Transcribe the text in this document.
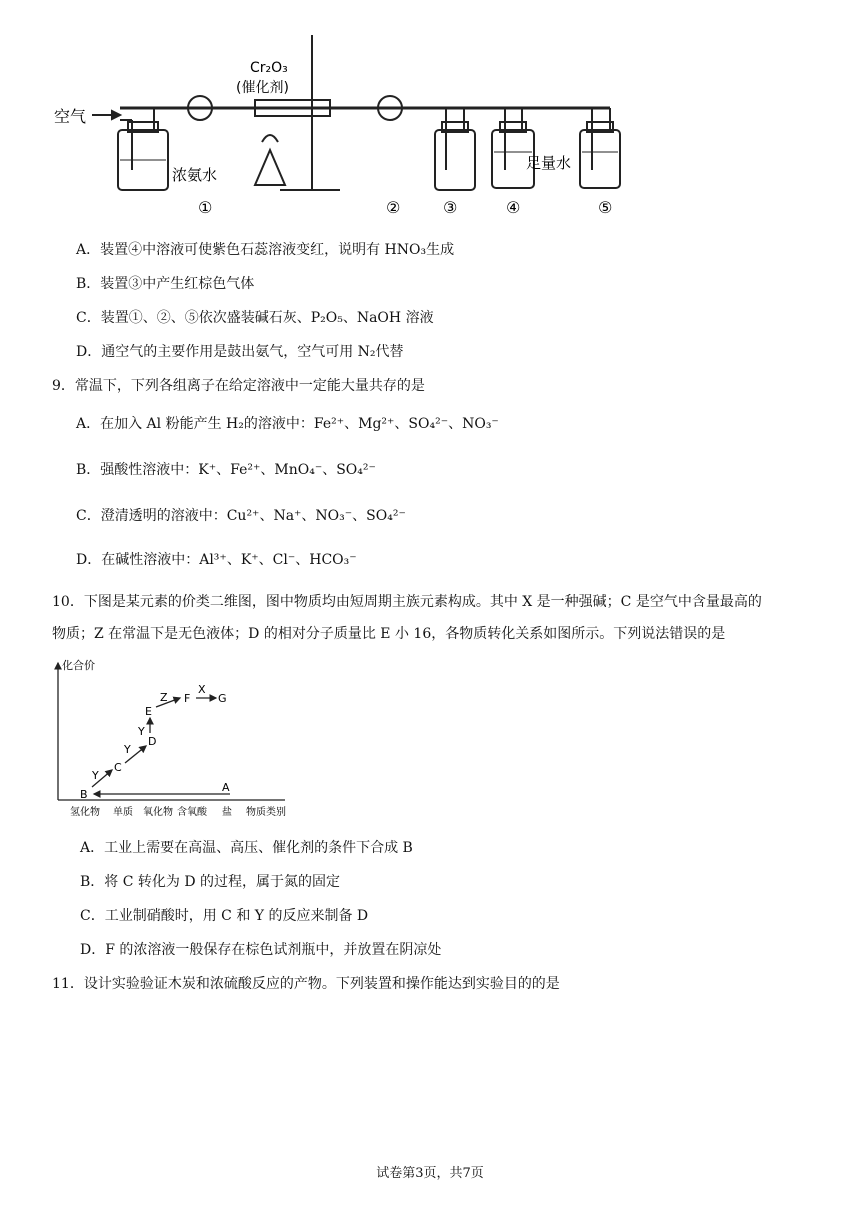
空气
Cr₂O₃
(催化剂)
浓氨水
足量水
①	②	③	④	⑤
A．装置④中溶液可使紫色石蕊溶液变红，说明有 HNO₃生成
B．装置③中产生红棕色气体
C．装置①、②、⑤依次盛装碱石灰、P₂O₅、NaOH 溶液
D．通空气的主要作用是鼓出氨气，空气可用 N₂代替
9．常温下，下列各组离子在给定溶液中一定能大量共存的是
A．在加入 Al 粉能产生 H₂的溶液中：Fe²⁺、Mg²⁺、SO₄²⁻、NO₃⁻
B．强酸性溶液中：K⁺、Fe²⁺、MnO₄⁻、SO₄²⁻
C．澄清透明的溶液中：Cu²⁺、Na⁺、NO₃⁻、SO₄²⁻
D．在碱性溶液中：Al³⁺、K⁺、Cl⁻、HCO₃⁻
10．下图是某元素的价类二维图，图中物质均由短周期主族元素构成。其中 X 是一种强碱；C 是空气中含量最高的
物质；Z 在常温下是无色液体；D 的相对分子质量比 E 小 16，各物质转化关系如图所示。下列说法错误的是
化合价
B
A
C
D
E
F	G
Y
Y
Y
Z
X
氢化物 单质 氧化物 含氧酸 盐 物质类别
A．工业上需要在高温、高压、催化剂的条件下合成 B
B．将 C 转化为 D 的过程，属于氮的固定
C．工业制硝酸时，用 C 和 Y 的反应来制备 D
D．F 的浓溶液一般保存在棕色试剂瓶中，并放置在阴凉处
11．设计实验验证木炭和浓硫酸反应的产物。下列装置和操作能达到实验目的的是
试卷第3页，共7页
